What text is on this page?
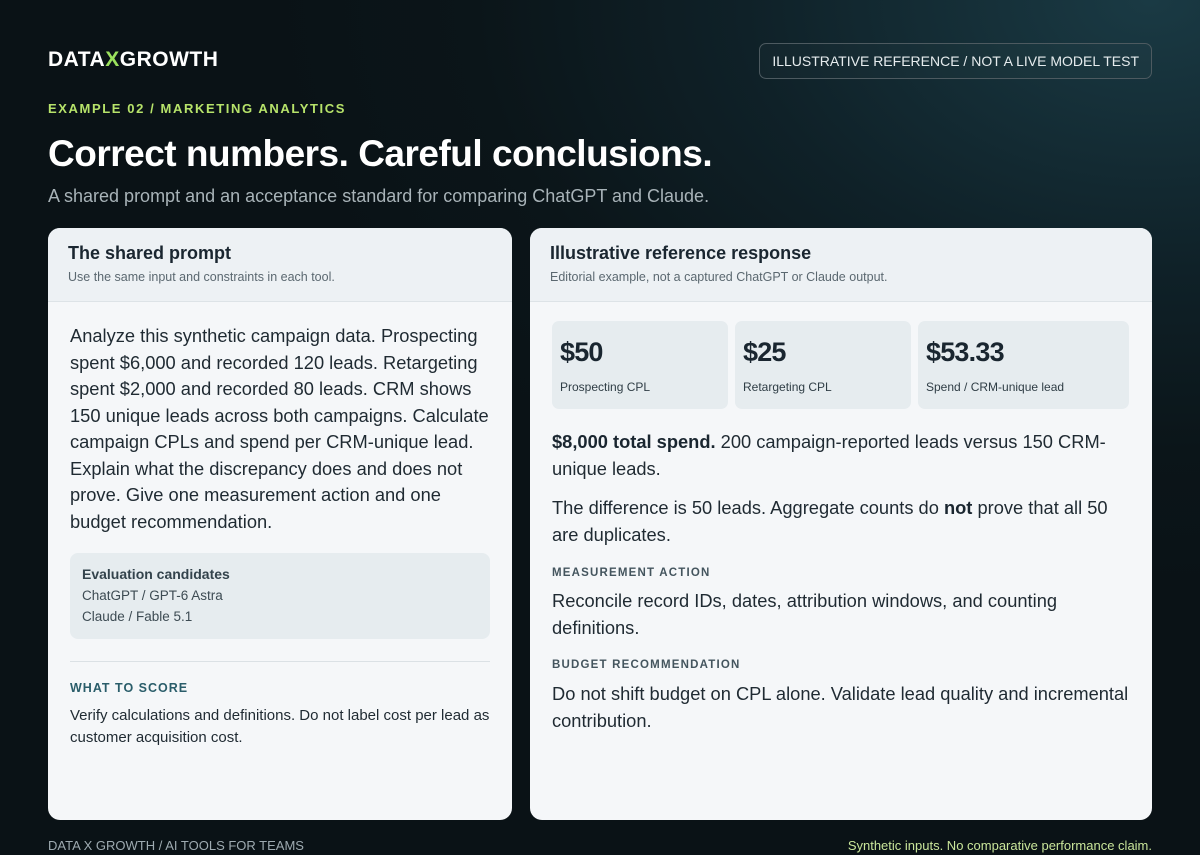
DATAXGROWTH	ILLUSTRATIVE REFERENCE / NOT A LIVE MODEL TEST
EXAMPLE 02 / MARKETING ANALYTICS
Correct numbers. Careful conclusions.
A shared prompt and an acceptance standard for comparing ChatGPT and Claude.
The shared prompt
Use the same input and constraints in each tool.
Analyze this synthetic campaign data. Prospecting spent $6,000 and recorded 120 leads. Retargeting spent $2,000 and recorded 80 leads. CRM shows 150 unique leads across both campaigns. Calculate campaign CPLs and spend per CRM-unique lead. Explain what the discrepancy does and does not prove. Give one measurement action and one budget recommendation.
Evaluation candidates
ChatGPT / GPT-6 Astra
Claude / Fable 5.1
WHAT TO SCORE
Verify calculations and definitions. Do not label cost per lead as customer acquisition cost.
Illustrative reference response
Editorial example, not a captured ChatGPT or Claude output.
$50
Prospecting CPL
$25
Retargeting CPL
$53.33
Spend / CRM-unique lead
$8,000 total spend. 200 campaign-reported leads versus 150 CRM-unique leads.
The difference is 50 leads. Aggregate counts do not prove that all 50 are duplicates.
MEASUREMENT ACTION
Reconcile record IDs, dates, attribution windows, and counting definitions.
BUDGET RECOMMENDATION
Do not shift budget on CPL alone. Validate lead quality and incremental contribution.
DATA X GROWTH / AI TOOLS FOR TEAMS	Synthetic inputs. No comparative performance claim.
